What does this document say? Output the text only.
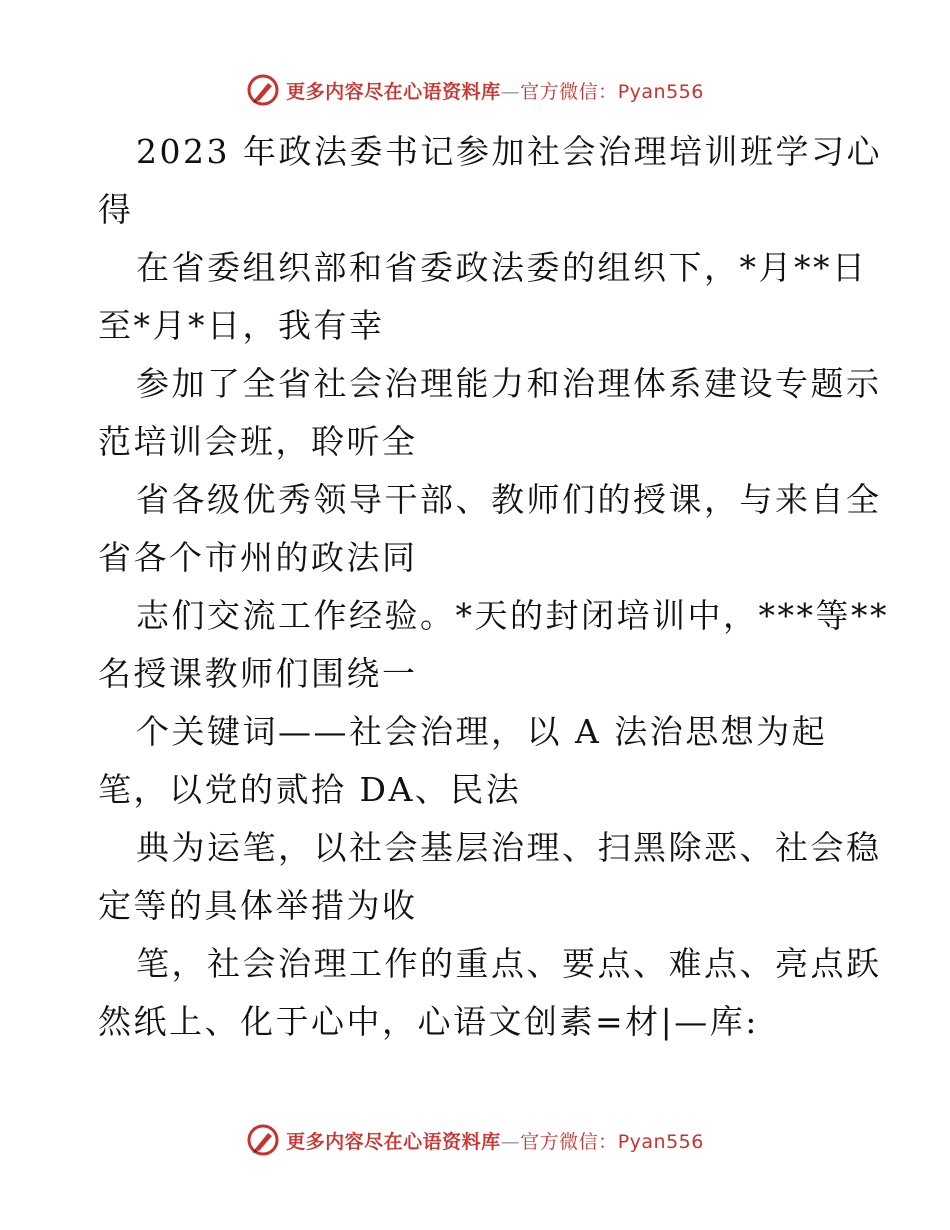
更多内容尽在心语资料库—官方微信：Pyan556
2023 年政法委书记参加社会治理培训班学习心
得
在省委组织部和省委政法委的组织下，*月**日
至*月*日，我有幸
参加了全省社会治理能力和治理体系建设专题示
范培训会班，聆听全
省各级优秀领导干部、教师们的授课，与来自全
省各个市州的政法同
志们交流工作经验。*天的封闭培训中，***等**
名授课教师们围绕一
个关键词——社会治理，以 A 法治思想为起
笔，以党的贰拾 DA、民法
典为运笔，以社会基层治理、扫黑除恶、社会稳
定等的具体举措为收
笔，社会治理工作的重点、要点、难点、亮点跃
然纸上、化于心中，心语文创素=材|—库:
更多内容尽在心语资料库—官方微信：Pyan556
